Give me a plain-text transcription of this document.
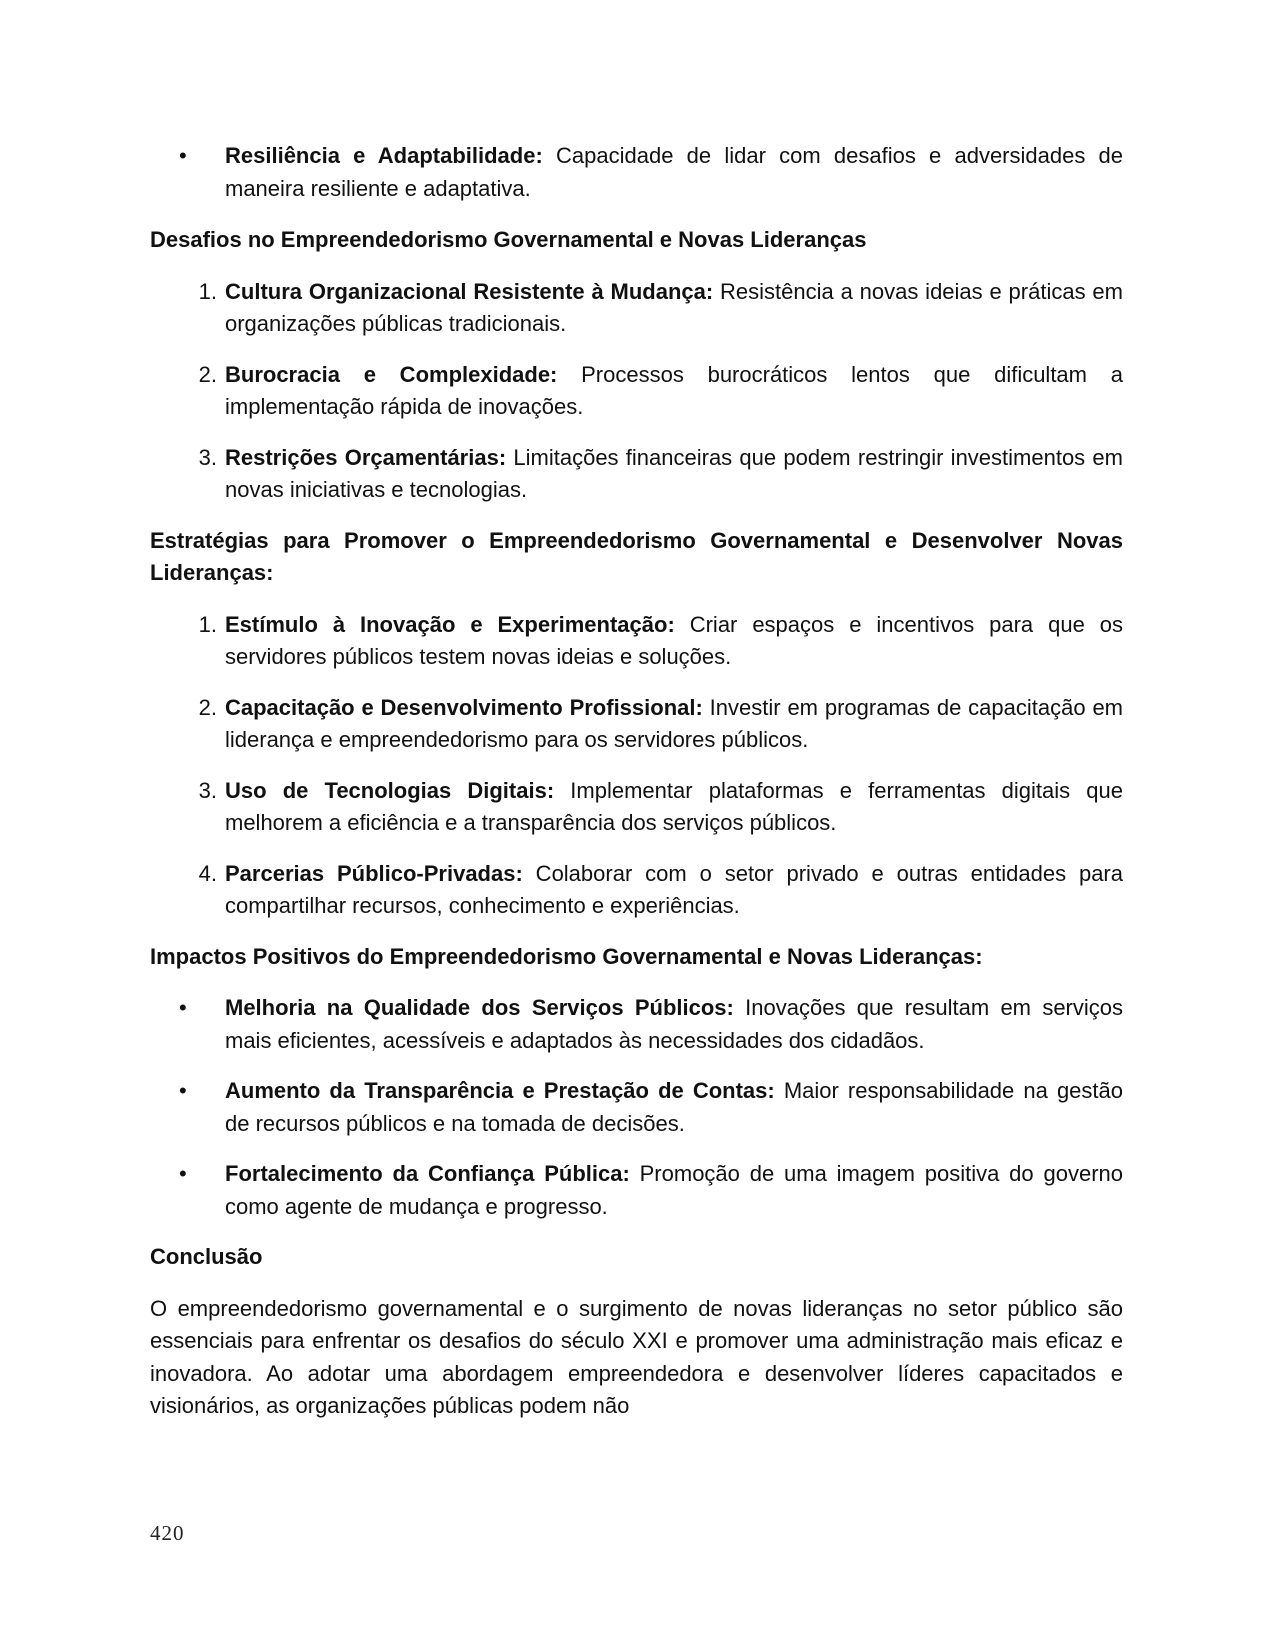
• Resiliência e Adaptabilidade: Capacidade de lidar com desafios e adversidades de maneira resiliente e adaptativa.

Desafios no Empreendedorismo Governamental e Novas Lideranças

1. Cultura Organizacional Resistente à Mudança: Resistência a novas ideias e práticas em organizações públicas tradicionais.
2. Burocracia e Complexidade: Processos burocráticos lentos que dificultam a implementação rápida de inovações.
3. Restrições Orçamentárias: Limitações financeiras que podem restringir investimentos em novas iniciativas e tecnologias.

Estratégias para Promover o Empreendedorismo Governamental e Desenvolver Novas Lideranças:

1. Estímulo à Inovação e Experimentação: Criar espaços e incentivos para que os servidores públicos testem novas ideias e soluções.
2. Capacitação e Desenvolvimento Profissional: Investir em programas de capacitação em liderança e empreendedorismo para os servidores públicos.
3. Uso de Tecnologias Digitais: Implementar plataformas e ferramentas digitais que melhorem a eficiência e a transparência dos serviços públicos.
4. Parcerias Público-Privadas: Colaborar com o setor privado e outras entidades para compartilhar recursos, conhecimento e experiências.

Impactos Positivos do Empreendedorismo Governamental e Novas Lideranças:

• Melhoria na Qualidade dos Serviços Públicos: Inovações que resultam em serviços mais eficientes, acessíveis e adaptados às necessidades dos cidadãos.
• Aumento da Transparência e Prestação de Contas: Maior responsabilidade na gestão de recursos públicos e na tomada de decisões.
• Fortalecimento da Confiança Pública: Promoção de uma imagem positiva do governo como agente de mudança e progresso.

Conclusão

O empreendedorismo governamental e o surgimento de novas lideranças no setor público são essenciais para enfrentar os desafios do século XXI e promover uma administração mais eficaz e inovadora. Ao adotar uma abordagem empreendedora e desenvolver líderes capacitados e visionários, as organizações públicas podem não

420
